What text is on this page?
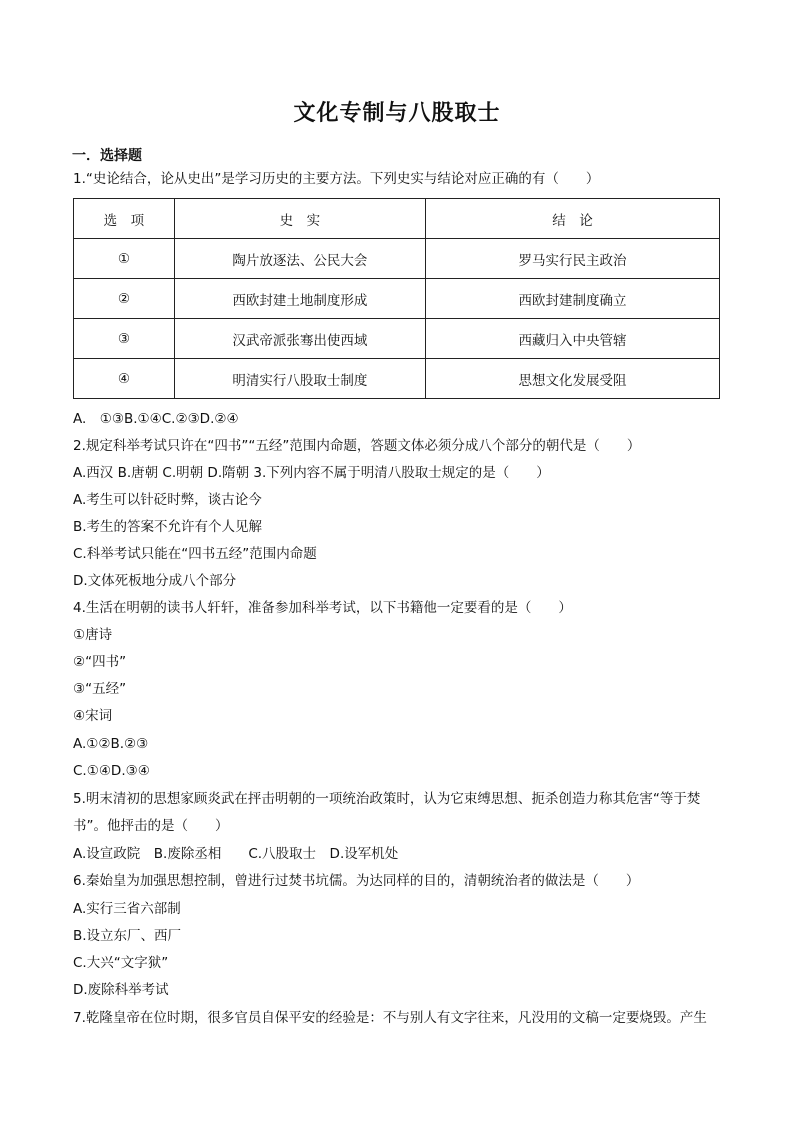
文化专制与八股取士
一．选择题
1.“史论结合，论从史出”是学习历史的主要方法。下列史实与结论对应正确的有（　　）
选　项	史　实	结　论
①	陶片放逐法、公民大会	罗马实行民主政治
②	西欧封建土地制度形成	西欧封建制度确立
③	汉武帝派张骞出使西域	西藏归入中央管辖
④	明清实行八股取士制度	思想文化发展受阻
A.　①③B.①④C.②③D.②④
2.规定科举考试只许在“四书”“五经”范围内命题，答题文体必须分成八个部分的朝代是（　　）
A.西汉 B.唐朝 C.明朝 D.隋朝 3.下列内容不属于明清八股取士规定的是（　　）
A.考生可以针砭时弊，谈古论今
B.考生的答案不允许有个人见解
C.科举考试只能在“四书五经”范围内命题
D.文体死板地分成八个部分
4.生活在明朝的读书人轩轩，准备参加科举考试，以下书籍他一定要看的是（　　）
①唐诗
②“四书”
③“五经”
④宋词
A.①②B.②③
C.①④D.③④
5.明末清初的思想家顾炎武在抨击明朝的一项统治政策时，认为它束缚思想、扼杀创造力称其危害“等于焚
书”。他抨击的是（　　）
A.设宣政院　B.废除丞相　　C.八股取士　D.设军机处
6.秦始皇为加强思想控制，曾进行过焚书坑儒。为达同样的目的，清朝统治者的做法是（　　）
A.实行三省六部制
B.设立东厂、西厂
C.大兴“文字狱”
D.废除科举考试
7.乾隆皇帝在位时期，很多官员自保平安的经验是：不与别人有文字往来，凡没用的文稿一定要烧毁。产生
